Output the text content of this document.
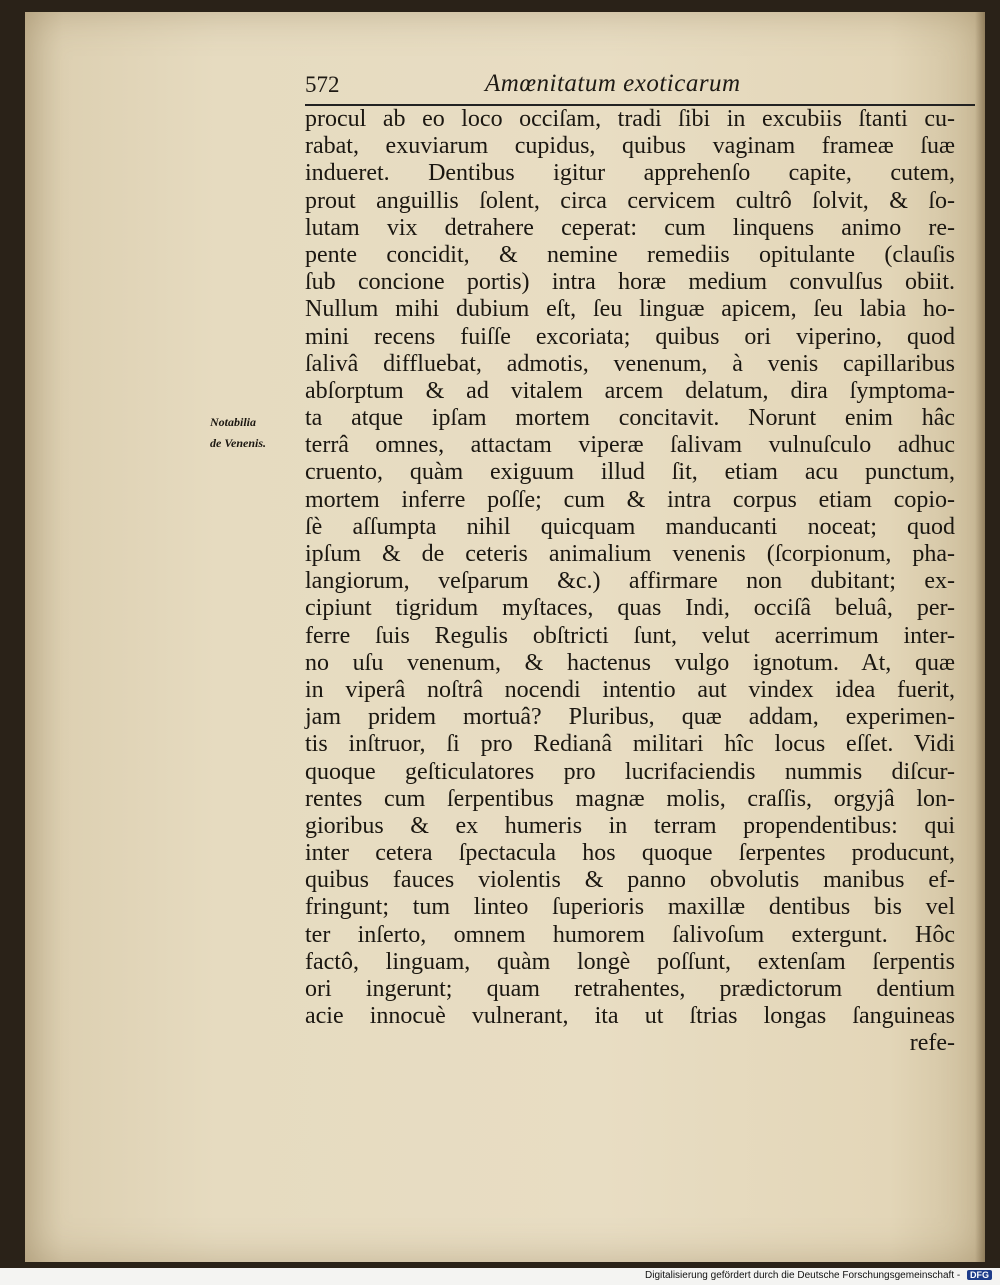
572	Amœnitatum exoticarum
Notabilia
de Venenis.
procul ab eo loco occiſam, tradi ſibi in excubiis ſtanti cu-
rabat, exuviarum cupidus, quibus vaginam frameæ ſuæ
indueret. Dentibus igitur apprehenſo capite, cutem,
prout anguillis ſolent, circa cervicem cultrô ſolvit, & ſo-
lutam vix detrahere ceperat: cum linquens animo re-
pente concidit, & nemine remediis opitulante (clauſis
ſub concione portis) intra horæ medium convulſus obiit.
Nullum mihi dubium eſt, ſeu linguæ apicem, ſeu labia ho-
mini recens fuiſſe excoriata; quibus ori viperino, quod
ſalivâ diffluebat, admotis, venenum, à venis capillaribus
abſorptum & ad vitalem arcem delatum, dira ſymptoma-
ta atque ipſam mortem concitavit. Norunt enim hâc
terrâ omnes, attactam viperæ ſalivam vulnuſculo adhuc
cruento, quàm exiguum illud ſit, etiam acu punctum,
mortem inferre poſſe; cum & intra corpus etiam copio-
ſè aſſumpta nihil quicquam manducanti noceat; quod
ipſum & de ceteris animalium venenis (ſcorpionum, pha-
langiorum, veſparum &c.) affirmare non dubitant; ex-
cipiunt tigridum myſtaces, quas Indi, occiſâ beluâ, per-
ferre ſuis Regulis obſtricti ſunt, velut acerrimum inter-
no uſu venenum, & hactenus vulgo ignotum. At, quæ
in viperâ noſtrâ nocendi intentio aut vindex idea fuerit,
jam pridem mortuâ? Pluribus, quæ addam, experimen-
tis inſtruor, ſi pro Redianâ militari hîc locus eſſet. Vidi
quoque geſticulatores pro lucrifaciendis nummis diſcur-
rentes cum ſerpentibus magnæ molis, craſſis, orgyjâ lon-
gioribus & ex humeris in terram propendentibus: qui
inter cetera ſpectacula hos quoque ſerpentes producunt,
quibus fauces violentis & panno obvolutis manibus ef-
fringunt; tum linteo ſuperioris maxillæ dentibus bis vel
ter inſerto, omnem humorem ſalivoſum extergunt. Hôc
factô, linguam, quàm longè poſſunt, extenſam ſerpentis
ori ingerunt; quam retrahentes, prædictorum dentium
acie innocuè vulnerant, ita ut ſtrias longas ſanguineas
refe-
Digitalisierung gefördert durch die Deutsche Forschungsgemeinschaft - DFG
